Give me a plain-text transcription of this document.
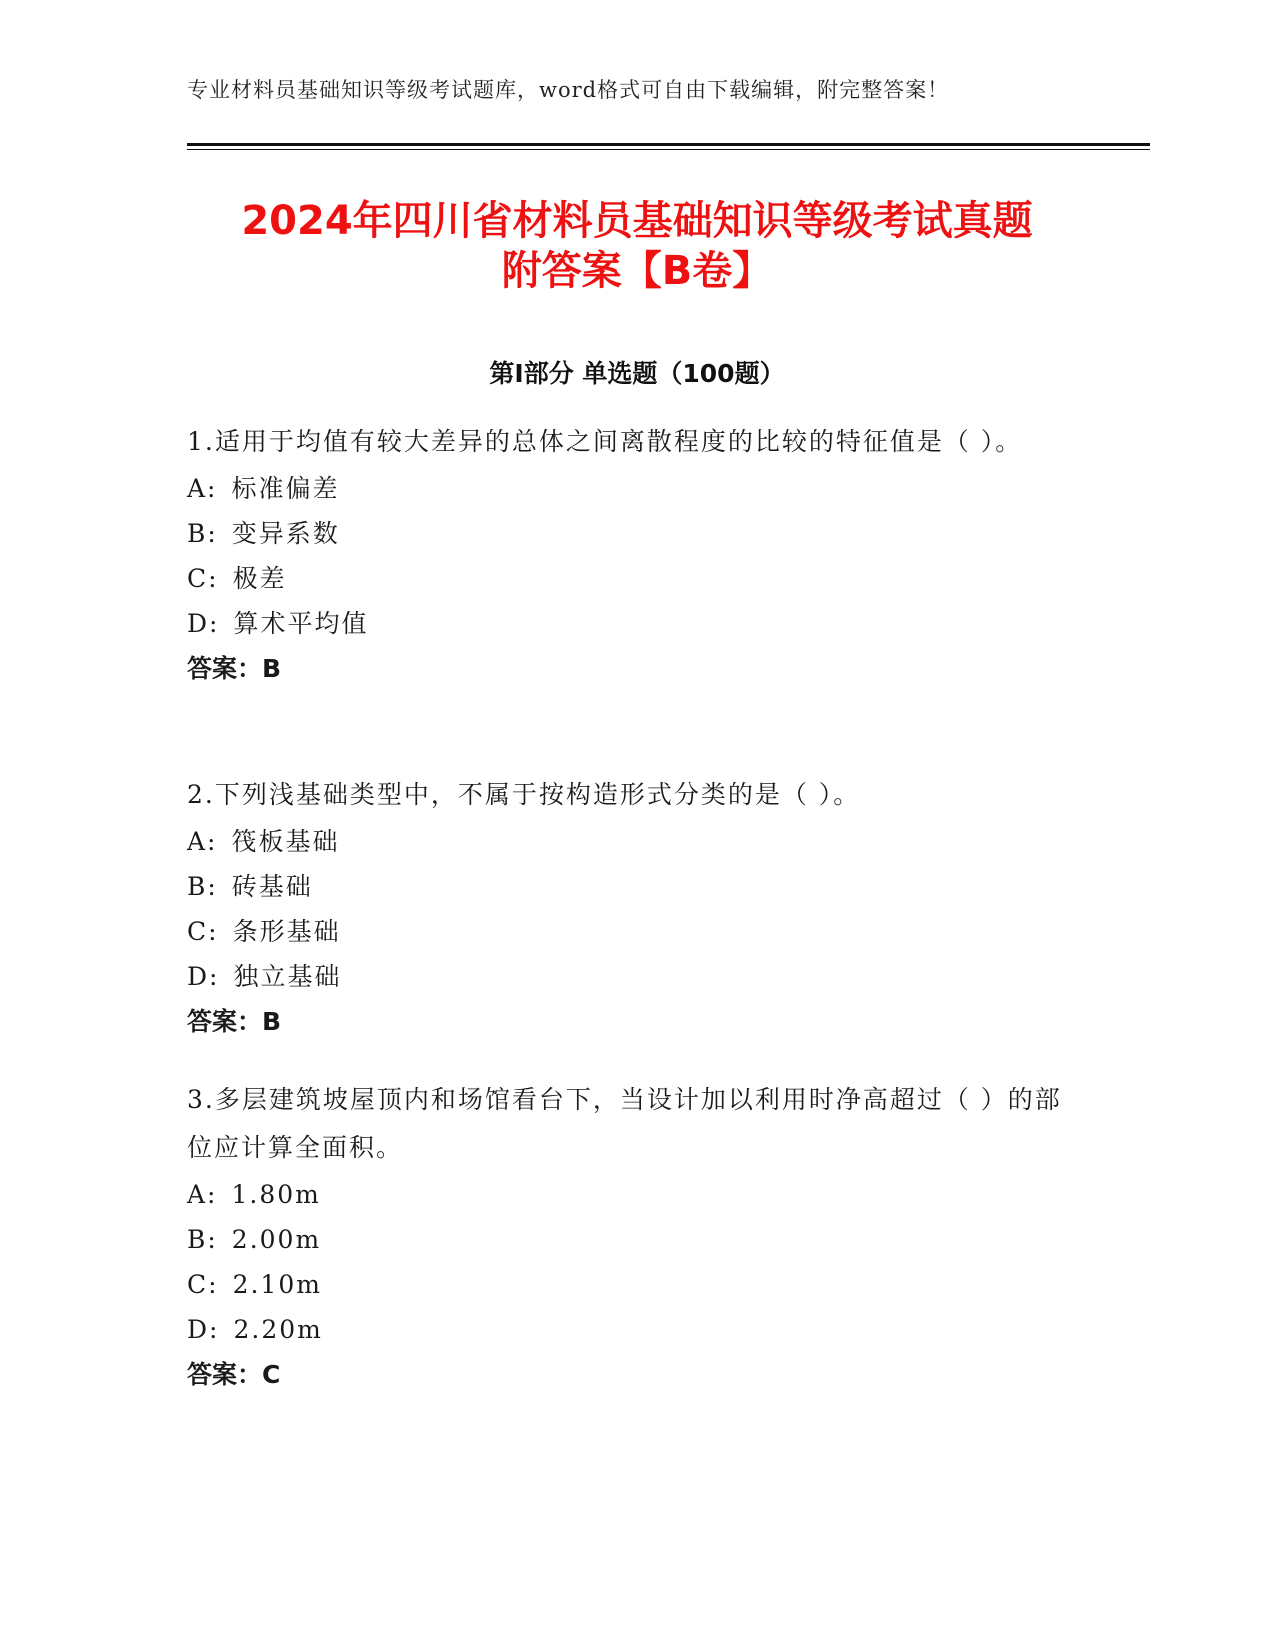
专业材料员基础知识等级考试题库，word格式可自由下载编辑，附完整答案！
2024年四川省材料员基础知识等级考试真题
附答案【B卷】
第Ⅰ部分 单选题（100题）
1.适用于均值有较大差异的总体之间离散程度的比较的特征值是（ ）。
A: 标准偏差
B: 变异系数
C: 极差
D: 算术平均值
答案：B
2.下列浅基础类型中，不属于按构造形式分类的是（ ）。
A: 筏板基础
B: 砖基础
C: 条形基础
D: 独立基础
答案：B
3.多层建筑坡屋顶内和场馆看台下，当设计加以利用时净高超过（ ）的部位应计算全面积。
A: 1.80m
B: 2.00m
C: 2.10m
D: 2.20m
答案：C
